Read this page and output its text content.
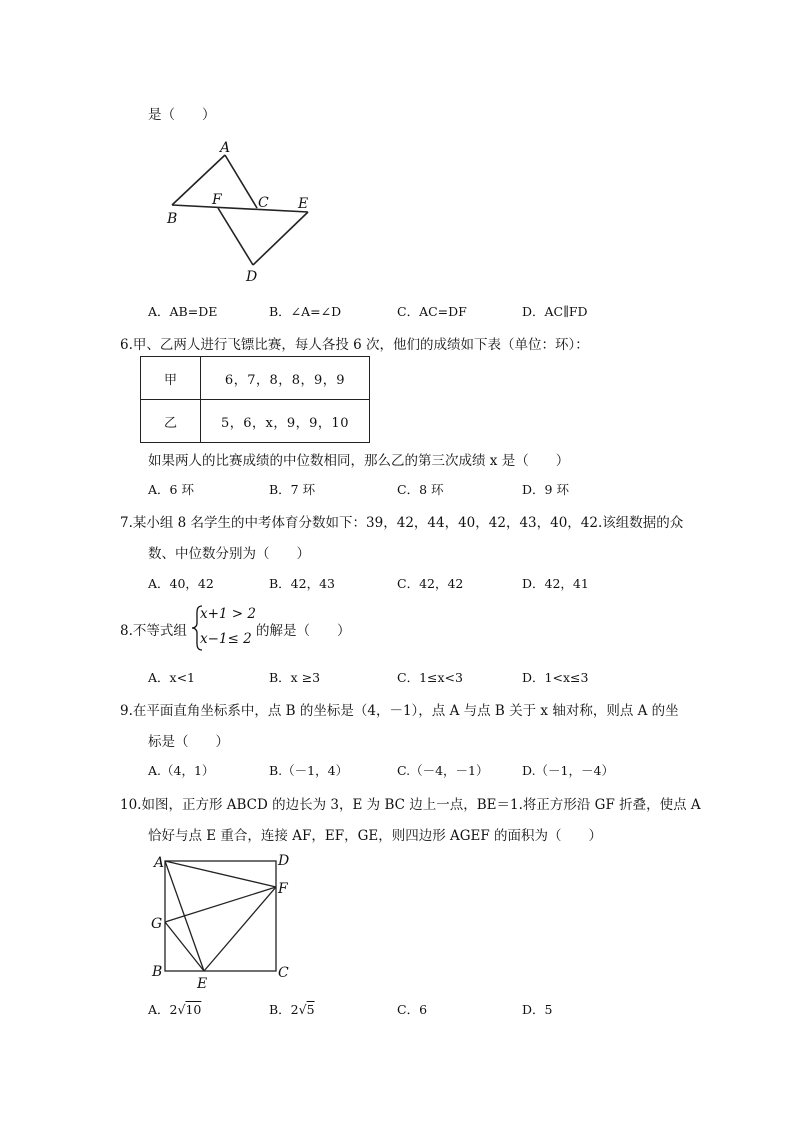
是（　　）
A
B
F	C E
D
A．AB=DE	B．∠A=∠D	C．AC=DF	D．AC∥FD
6.甲、乙两人进行飞镖比赛，每人各投 6 次，他们的成绩如下表（单位：环）：
甲	6，7，8，8，9，9
乙	5，6，x，9，9，10
如果两人的比赛成绩的中位数相同，那么乙的第三次成绩 x 是（　　）
A．6 环	B．7 环	C．8 环	D．9 环
7.某小组 8 名学生的中考体育分数如下：39，42，44，40，42，43，40，42.该组数据的众
数、中位数分别为（　　）
A．40，42	B．42，43	C．42，42	D．42，41
8.不等式组
x+1 > 2
x−1≤ 2 的解是（　　）
A．x<1	B．x ≥3	C．1≤x<3	D．1<x≤3
9.在平面直角坐标系中，点 B 的坐标是（4，－1），点 A 与点 B 关于 x 轴对称，则点 A 的坐
标是（　　）
A.（4，1）	B.（－1，4）	C.（－4，－1）	D.（－1，－4）
10.如图，正方形 ABCD 的边长为 3，E 为 BC 边上一点，BE＝1.将正方形沿 GF 折叠，使点 A
恰好与点 E 重合，连接 AF，EF，GE，则四边形 AGEF 的面积为（　　）
A	D
F
G
B	C
E
A．2√10	B．2√5	C．6	D．5
